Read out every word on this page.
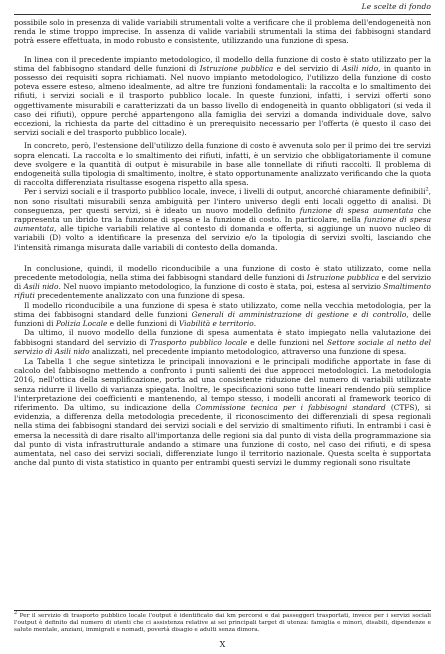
Le scelte di fondo

possibile solo in presenza di valide variabili strumentali volte a verificare che il problema dell'endogeneità non renda le stime troppo imprecise. In assenza di valide variabili strumentali la stima dei fabbisogni standard potrà essere effettuata, in modo robusto e consistente, utilizzando una funzione di spesa.

In linea con il precedente impianto metodologico, il modello della funzione di costo è stato utilizzato per la stima del fabbisogno standard delle funzioni di Istruzione pubblica e del servizio di Asili nido, in quanto in possesso dei requisiti sopra richiamati. Nel nuovo impianto metodologico, l'utilizzo della funzione di costo poteva essere esteso, almeno idealmente, ad altre tre funzioni fondamentali: la raccolta e lo smaltimento dei rifiuti, i servizi sociali e il trasporto pubblico locale. In queste funzioni, infatti, i servizi offerti sono oggettivamente misurabili e caratterizzati da un basso livello di endogeneità in quanto obbligatori (si veda il caso dei rifiuti), oppure perché appartengono alla famiglia dei servizi a domanda individuale dove, salvo eccezioni, la richiesta da parte del cittadino è un prerequisito necessario per l'offerta (è questo il caso dei servizi sociali e del trasporto pubblico locale).

In concreto, però, l'estensione dell'utilizzo della funzione di costo è avvenuta solo per il primo dei tre servizi sopra elencati. La raccolta e lo smaltimento dei rifiuti, infatti, è un servizio che obbligatoriamente il comune deve svolgere e la quantità di output è misurabile in base alle tonnellate di rifiuti raccolti. Il problema di endogeneità sulla tipologia di smaltimento, inoltre, è stato opportunamente analizzato verificando che la quota di raccolta differenziata risultasse esogena rispetto alla spesa.

Per i servizi sociali e il trasporto pubblico locale, invece, i livelli di output, ancorché chiaramente definibili$^2$, non sono risultati misurabili senza ambiguità per l'intero universo degli enti locali oggetto di analisi. Di conseguenza, per questi servizi, si è ideato un nuovo modello definito funzione di spesa aumentata che rappresenta un ibrido tra la funzione di spesa e la funzione di costo. In particolare, nella funzione di spesa aumentata, alle tipiche variabili relative al contesto di domanda e offerta, si aggiunge un nuovo nucleo di variabili (D) volto a identificare la presenza del servizio e/o la tipologia di servizi svolti, lasciando che l'intensità rimanga misurata dalle variabili di contesto della domanda.

In conclusione, quindi, il modello riconducibile a una funzione di costo è stato utilizzato, come nella precedente metodologia, nella stima dei fabbisogni standard delle funzioni di Istruzione pubblica e del servizio di Asili nido. Nel nuovo impianto metodologico, la funzione di costo è stata, poi, estesa al servizio Smaltimento rifiuti precedentemente analizzato con una funzione di spesa.

Il modello riconducibile a una funzione di spesa è stato utilizzato, come nella vecchia metodologia, per la stima dei fabbisogni standard delle funzioni Generali di amministrazione di gestione e di controllo, delle funzioni di Polizia Locale e delle funzioni di Viabilità e territorio.

Da ultimo, il nuovo modello della funzione di spesa aumentata è stato impiegato nella valutazione dei fabbisogni standard del servizio di Trasporto pubblico locale e delle funzioni nel Settore sociale al netto del servizio di Asili nido analizzati, nel precedente impianto metodologico, attraverso una funzione di spesa.

La Tabella 1 che segue sintetizza le principali innovazioni e le principali modifiche apportate in fase di calcolo del fabbisogno mettendo a confronto i punti salienti dei due approcci metodologici. La metodologia 2016, nell'ottica della semplificazione, porta ad una consistente riduzione del numero di variabili utilizzate senza ridurre il livello di varianza spiegata. Inoltre, le specificazioni sono tutte lineari rendendo più semplice l'interpretazione dei coefficienti e mantenendo, al tempo stesso, i modelli ancorati al framework teorico di riferimento. Da ultimo, su indicazione della Commissione tecnica per i fabbisogni standard (CTFS), si evidenzia, a differenza della metodologia precedente, il riconoscimento dei differenziali di spesa regionali nella stima dei fabbisogni standard dei servizi sociali e del servizio di smaltimento rifiuti. In entrambi i casi è emersa la necessità di dare risalto all'importanza delle regioni sia dal punto di vista della programmazione sia dal punto di vista infrastrutturale andando a stimare una funzione di costo, nel caso dei rifiuti, e di spesa aumentata, nel caso dei servizi sociali, differenziate lungo il territorio nazionale. Questa scelta è supportata anche dal punto di vista statistico in quanto per entrambi questi servizi le dummy regionali sono risultate

$^2$ Per il servizio di trasporto pubblico locale l'output è identificato dai km percorsi e dai passeggeri trasportati, invece per i servizi sociali l'output è definito dal numero di utenti che ci assistenza relative ai sei principali target di utenza: famiglia e minori, disabili, dipendenze e salute mentale, anziani, immigrati e nomadi, povertà disagio e adulti senza dimora.

X
